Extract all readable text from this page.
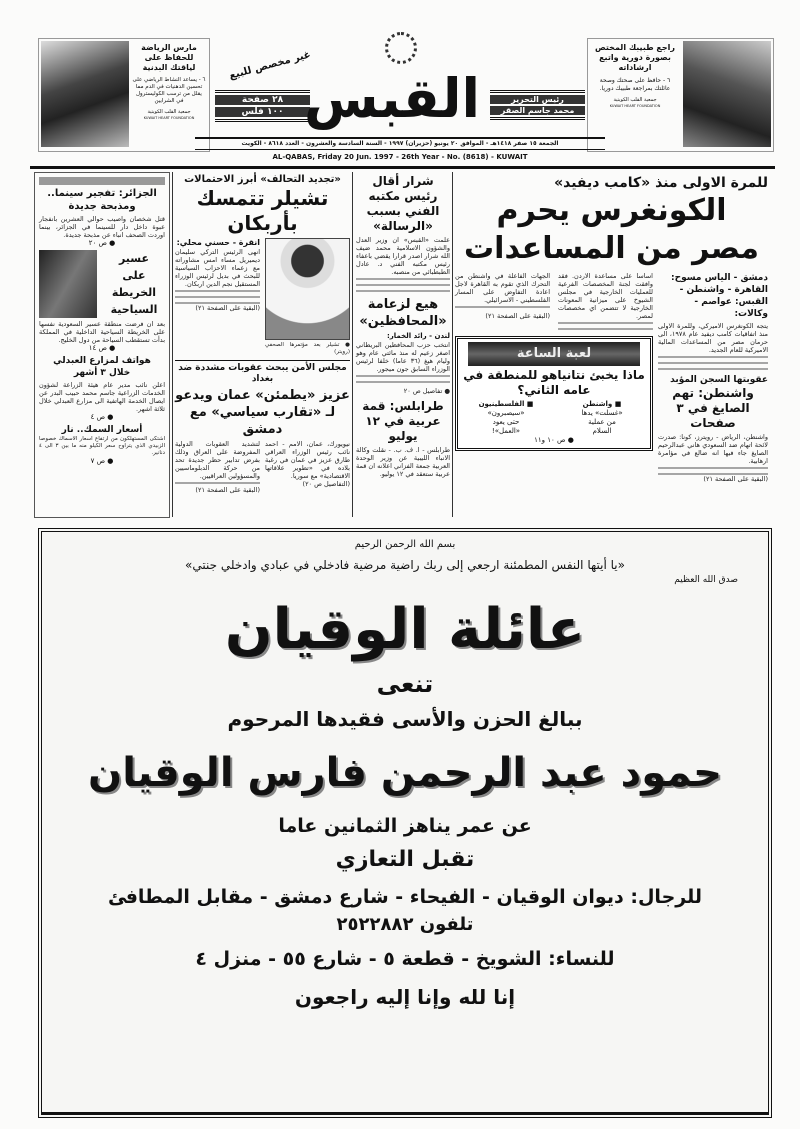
مارس الرياضة للحفاظ على لياقتك البدنية
٦ - يساعد النشاط الرياضي على تحسين الدهنيات في الدم مما يقلل من ترسب الكوليسترول في الشرايين
جمعية القلب الكويتية
KUWAIT HEART FOUNDATION
٢٨ صفحة
١٠٠ فلس
غير مخصص للبيع
القبس	رئيس التحرير
محمد جاسم الصقر
راجع طبيبك المختص بصورة دورية واتبع ارشاداته
٦ - حافظ على صحتك وصحة عائلتك بمراجعة طبيبك دوريا.
جمعية القلب الكويتية
KUWAIT HEART FOUNDATION
الجمعة ١٥ صفر ١٤١٨هـ - الموافق ٢٠ يونيو (حزيران) ١٩٩٧ - السنة السادسة والعشرون - العدد ٨٦١٨ - الكويت
AL-QABAS, Friday 20 Jun. 1997 - 26th Year - No. (8618) - KUWAIT
للمرة الاولى منذ «كامب ديفيد»
الكونغرس يحرم
مصر من المساعدات
دمشق - الياس مسوح: القاهرة - واشنطن - القبس: عواصم - وكالات:
يتجه الكونغرس الاميركي، وللمرة الاولى منذ اتفاقيات كامب ديفيد عام ١٩٧٨، الى حرمان مصر من المساعدات المالية الاميركية للعام الجديد.
عقوبتها السجن المؤبد
واشنطن: تهم الصايغ في ٣ صفحات
واشنطن، الرياض - رويترز، كونا: صدرت لائحة اتهام ضد السعودي هاني عبدالرحيم الصايغ جاء فيها انه ضالع في مؤامرة ارهابية.
(البقية على الصفحة ٢١)
اساسا على مساعدة الاردن. فقد وافقت لجنة المخصصات الفرعية للعمليات الخارجية في مجلس الشيوخ على ميزانية المعونات الخارجية لا تتضمن اي مخصصات لمصر.
الجهات الفاعلة في واشنطن من التحرك الذي تقوم به القاهرة لاجل اعادة التفاوض على المسار الفلسطيني - الاسرائيلي.
(البقية على الصفحة ٢١)
لعبة الساعة
ماذا يخبئ نتانياهو للمنطقة في عامه الثاني؟
■ واشنطن
«غسلت» يدها
من عملية
السلام
■ الفلسطينيون
«سيصبرون»
حتى يعود
«العمل»!
● ص ١٠ و١١
شرار أقال رئيس مكتبه الفني بسبب «الرسالة»
علمت «القبس» ان وزير العدل والشؤون الاسلامية محمد ضيف الله شرار اصدر قرارا يقضي باعفاء رئيس مكتبه الفني د. عادل الطبطبائي من منصبه.
هيع لزعامة
«المحافظين»
لندن - رائد الخمار:
انتخب حزب المحافظين البريطاني اصغر زعيم له منذ مائتي عام وهو وليام هيغ (٣٦ عاما) خلفا لرئيس الوزراء السابق جون ميجور.
● تفاصيل ص ٢٠
طرابلس: قمة
عربية في ١٢ يوليو
طرابلس - ا. ف. ب. - نقلت وكالة الانباء الليبية عن وزير الوحدة العربية جمعة الفزاني اعلانه ان قمة عربية ستعقد في ١٢ يوليو.
«تجديد التحالف» أبرز الاحتمالات
تشيلر تتمسك بأربكان
● تشيلر بعد مؤتمرها الصحفي (رويتر)
انقرة - حسني محلي:
انهى الرئيس التركي سليمان ديميريل مساء امس مشاوراته مع زعماء الاحزاب السياسية للبحث في بديل لرئيس الوزراء المستقيل نجم الدين اربكان.
(البقية على الصفحة ٢١)
مجلس الأمن يبحث عقوبات مشددة ضد بغداد
عزيز «يطمئن» عمان ويدعو
لـ «تقارب سياسي» مع دمشق
نيويورك، عمان، الامم - احمد نائب رئيس الوزراء العراقي طارق عزيز في عمان في رغبة بلاده في «تطوير علاقاتها الاقتصادية» مع سوريا.
(التفاصيل ص ٢٠)
لتشديد العقوبات الدولية المفروضة على العراق وذلك بفرض تدابير حظر جديدة تحد من حركة الدبلوماسيين والمسؤولين العراقيين.
(البقية على الصفحة ٢١)
الجزائر: تفجير سينما..
ومذبحة جديدة
قتل شخصان واصيب حوالي العشرين بانفجار عبوة داخل دار للسينما في الجزائر، بينما اوردت الصحف انباء عن مذبحة جديدة.
● ص ٢٠
عسير
على
الخريطة
السياحية
بعد ان فرضت منطقة عسير السعودية نفسها على الخريطة السياحية الداخلية في المملكة بدأت تستقطب السياحة من دول الخليج.
● ص ١٤
هواتف لمزارع العبدلي
خلال ٣ أشهر
اعلن نائب مدير عام هيئة الزراعة لشؤون الخدمات الزراعية جاسم محمد حبيب البدر عن ايصال الخدمة الهاتفية الى مزارع العبدلي خلال ثلاثة اشهر.
● ص ٤
أسعار السمك.. نار
اشتكى المستهلكون من ارتفاع اسعار الاسماك خصوصا الزبيدي الذي يتراوح سعر الكيلو منه ما بين ٣ الى ٤ دنانير.
● ص ٧
بسم الله الرحمن الرحيم
«يا أيتها النفس المطمئنة ارجعي إلى ربك راضية مرضية فادخلي في عبادي وادخلي جنتي»
صدق الله العظيم
عائلة الوقيان
تنعى
ببالغ الحزن والأسى فقيدها المرحوم
حمود عبد الرحمن فارس الوقيان
عن عمر يناهز الثمانين عاما
تقبل التعازي
للرجال: ديوان الوقيان - الفيحاء - شارع دمشق - مقابل المطافئ
تلفون ٢٥٢٢٨٨٢
للنساء: الشويخ - قطعة ٥ - شارع ٥٥ - منزل ٤
إنا لله وإنا إليه راجعون
